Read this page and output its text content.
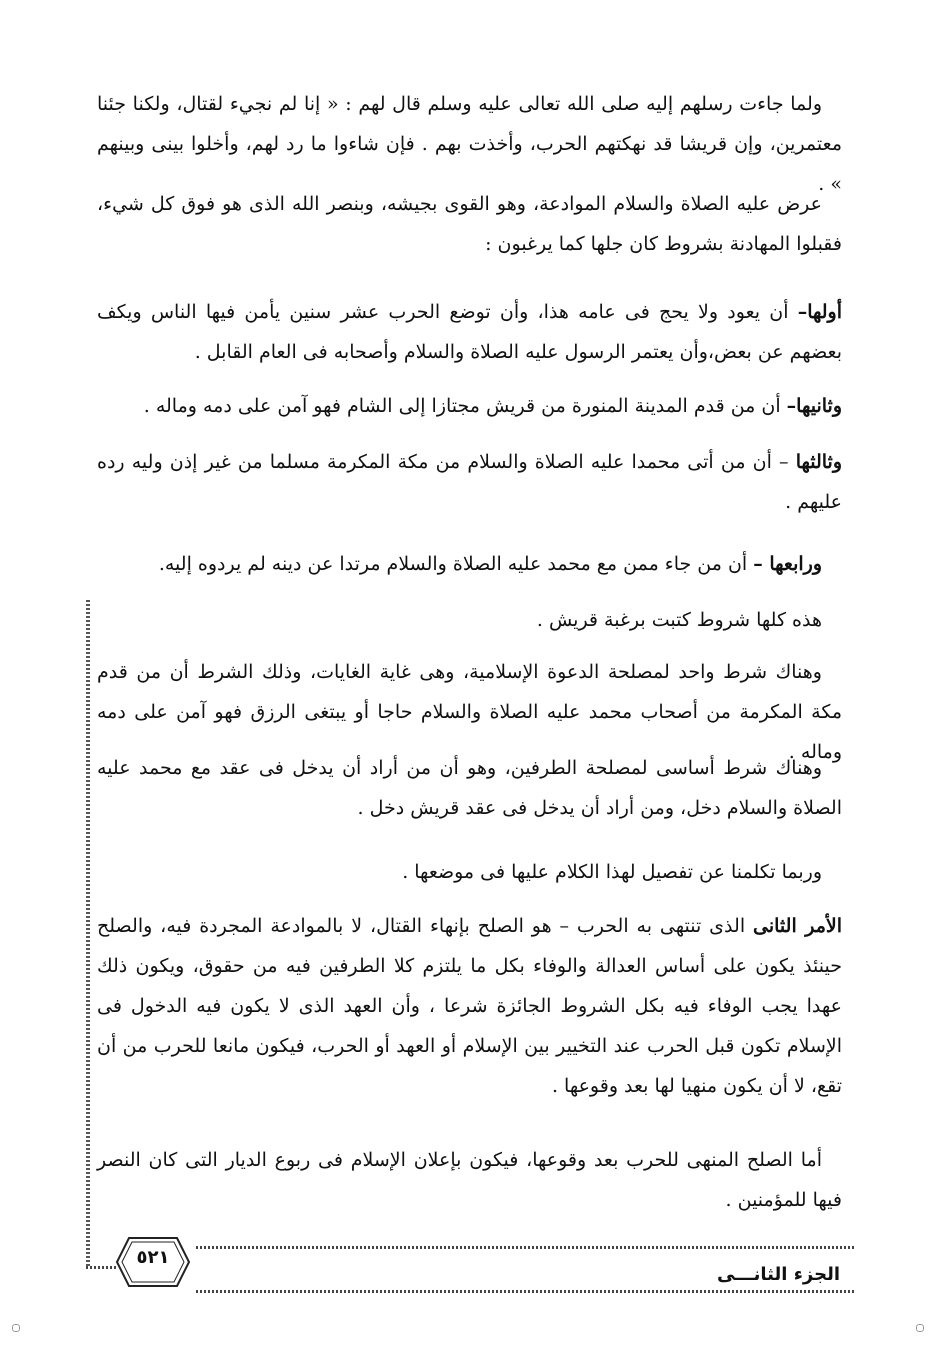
ولما جاءت رسلهم إليه صلى الله تعالى عليه وسلم قال لهم : « إنا لم نجيء لقتال، ولكنا جئنا معتمرين، وإن قريشا قد نهكتهم الحرب، وأخذت بهم . فإن شاءوا ما رد لهم، وأخلوا بينى وبينهم » .

عرض عليه الصلاة والسلام الموادعة، وهو القوى بجيشه، وبنصر الله الذى هو فوق كل شيء، فقبلوا المهادنة بشروط كان جلها كما يرغبون :

أولها– أن يعود ولا يحج فى عامه هذا، وأن توضع الحرب عشر سنين يأمن فيها الناس ويكف بعضهم عن بعض،وأن يعتمر الرسول عليه الصلاة والسلام وأصحابه فى العام القابل .

وثانيها– أن من قدم المدينة المنورة من قريش مجتازا إلى الشام فهو آمن على دمه وماله .

وثالثها – أن من أتى محمدا عليه الصلاة والسلام من مكة المكرمة مسلما من غير إذن وليه رده عليهم .

ورابعها – أن من جاء ممن مع محمد عليه الصلاة والسلام مرتدا عن دينه لم يردوه إليه.

هذه كلها شروط كتبت برغبة قريش .

وهناك شرط واحد لمصلحة الدعوة الإسلامية، وهى غاية الغايات، وذلك الشرط أن من قدم مكة المكرمة من أصحاب محمد عليه الصلاة والسلام حاجا أو يبتغى الرزق فهو آمن على دمه وماله .

وهناك شرط أساسى لمصلحة الطرفين، وهو أن من أراد أن يدخل فى عقد مع محمد عليه الصلاة والسلام دخل، ومن أراد أن يدخل فى عقد قريش دخل .

وربما تكلمنا عن تفصيل لهذا الكلام عليها فى موضعها .

الأمر الثانى الذى تنتهى به الحرب – هو الصلح بإنهاء القتال، لا بالموادعة المجردة فيه، والصلح حينئذ يكون على أساس العدالة والوفاء بكل ما يلتزم كلا الطرفين فيه من حقوق، ويكون ذلك عهدا يجب الوفاء فيه بكل الشروط الجائزة شرعا ، وأن العهد الذى لا يكون فيه الدخول فى الإسلام تكون قبل الحرب عند التخيير بين الإسلام أو العهد أو الحرب، فيكون مانعا للحرب من أن تقع، لا أن يكون منهيا لها بعد وقوعها .

أما الصلح المنهى للحرب بعد وقوعها، فيكون بإعلان الإسلام فى ربوع الديار التى كان النصر فيها للمؤمنين .

٥٢١
الجزء الثانـــى
